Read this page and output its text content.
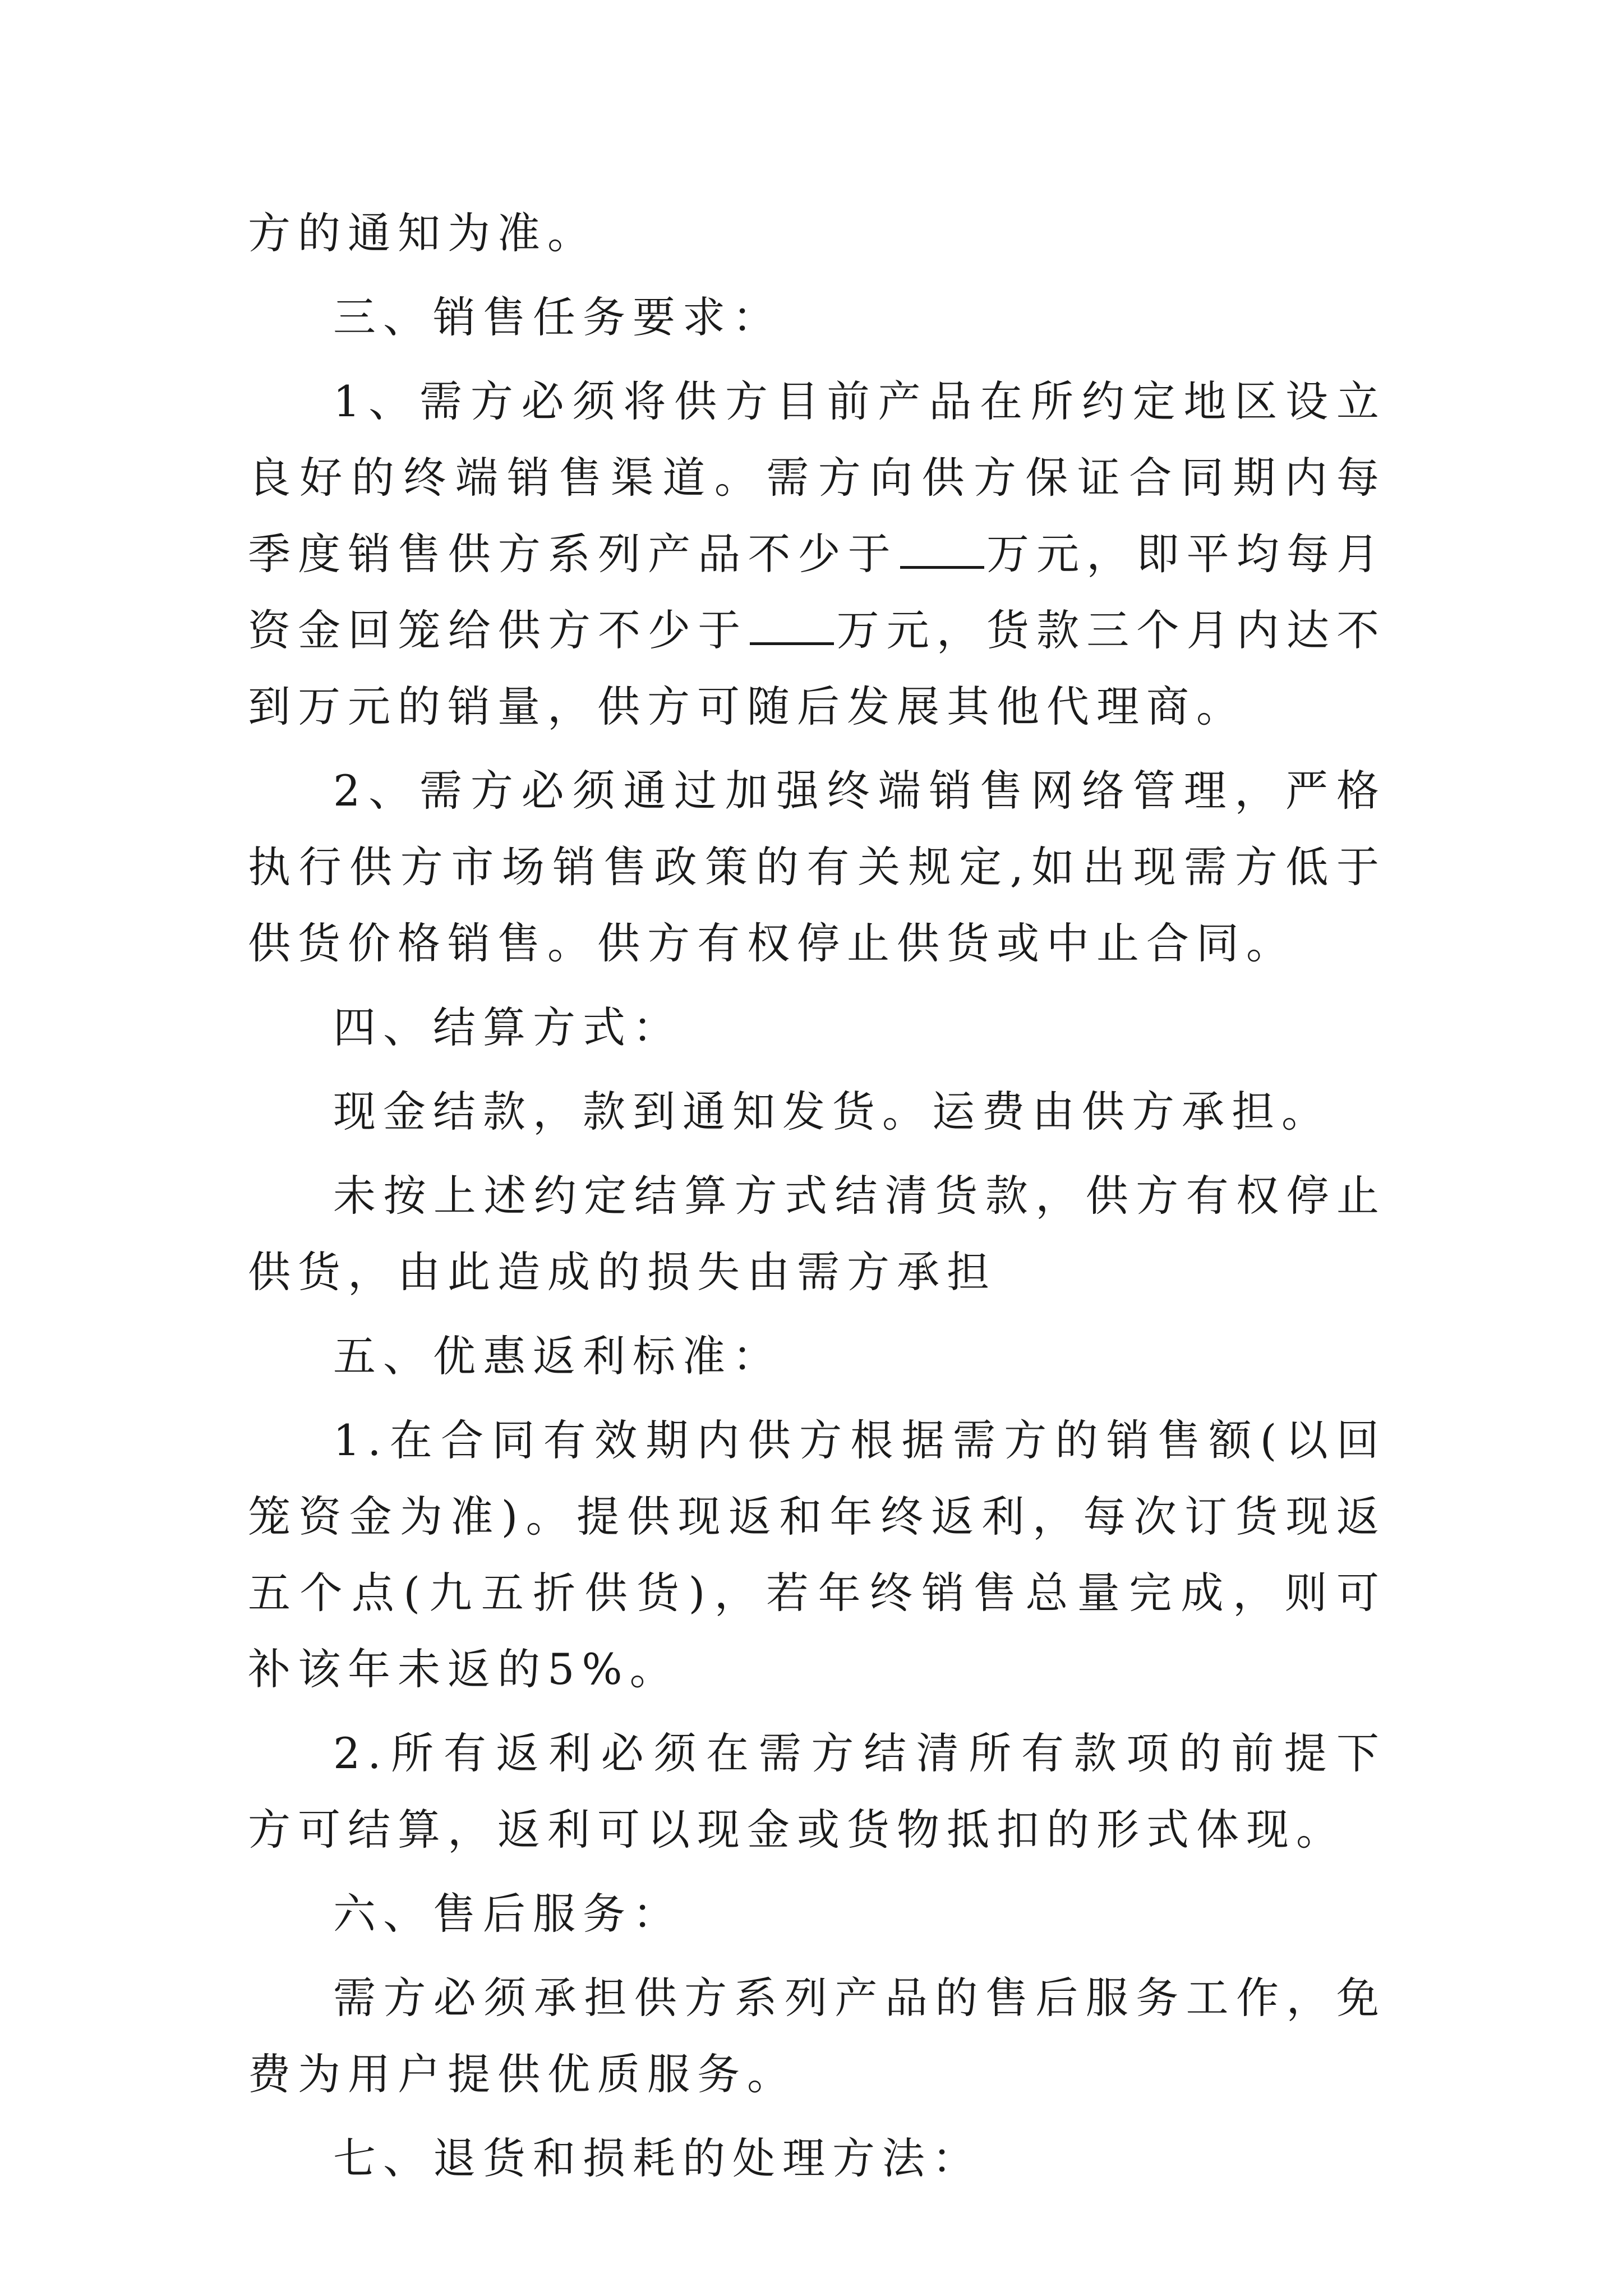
方的通知为准。

三、销售任务要求：

1、需方必须将供方目前产品在所约定地区设立良好的终端销售渠道。需方向供方保证合同期内每季度销售供方系列产品不少于 万元，即平均每月资金回笼给供方不少于 万元，货款三个月内达不到万元的销量，供方可随后发展其他代理商。

2、需方必须通过加强终端销售网络管理，严格执行供方市场销售政策的有关规定,如出现需方低于供货价格销售。供方有权停止供货或中止合同。

四、结算方式：

现金结款，款到通知发货。运费由供方承担。

未按上述约定结算方式结清货款，供方有权停止供货，由此造成的损失由需方承担

五、优惠返利标准：

1.在合同有效期内供方根据需方的销售额(以回笼资金为准)。提供现返和年终返利，每次订货现返五个点(九五折供货)，若年终销售总量完成，则可补该年未返的5%。

2.所有返利必须在需方结清所有款项的前提下方可结算，返利可以现金或货物抵扣的形式体现。

六、售后服务：

需方必须承担供方系列产品的售后服务工作，免费为用户提供优质服务。

七、退货和损耗的处理方法：
